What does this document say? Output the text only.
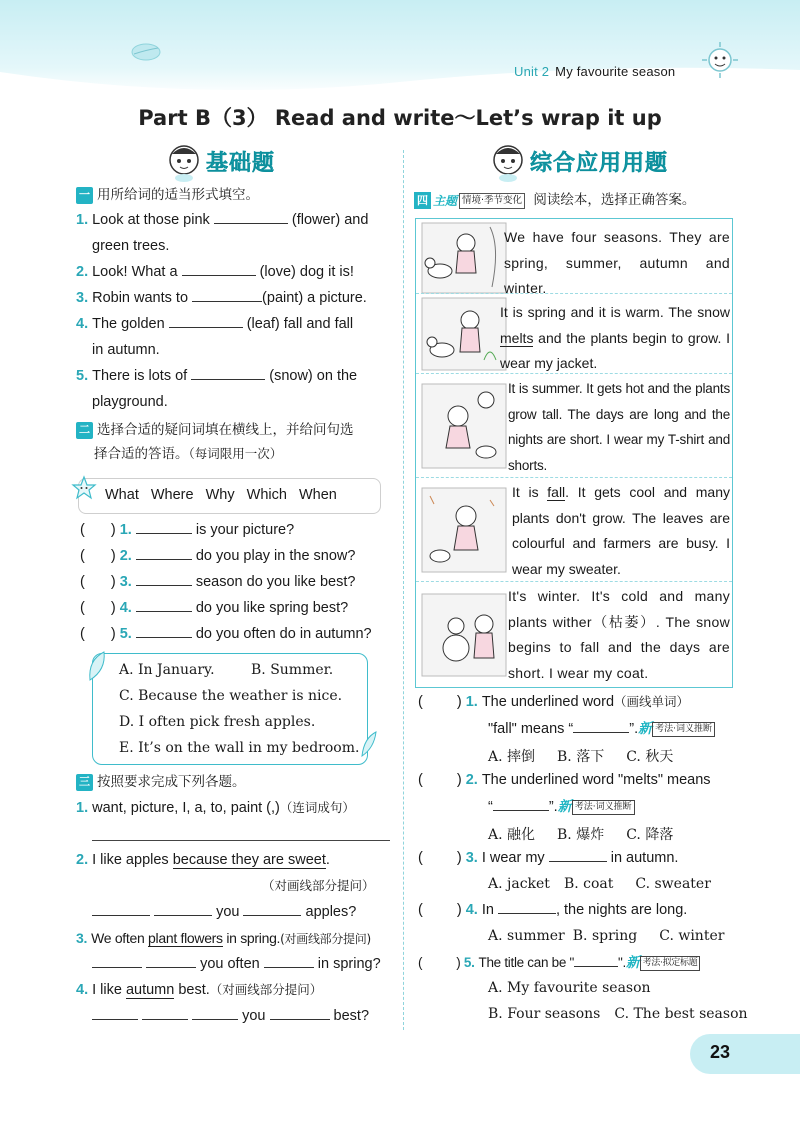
Unit 2 My favourite season
Part B（3） Read and write～Let’s wrap it up
基础题
一 用所给词的适当形式填空。
1. Look at those pink	(flower) and
green trees.
2. Look! What a	(love) dog it is!
3. Robin wants to	(paint) a picture.
4. The golden	(leaf) fall and fall
in autumn.
5. There is lots of	(snow) on the
playground.
二 选择合适的疑问词填在横线上，并给问句选
择合适的答语。（每词限用一次）
What Where Why Which When
( ) 1.	is your picture?
( ) 2.	do you play in the snow?
( ) 3.	season do you like best?
( ) 4.	do you like spring best?
( ) 5.	do you often do in autumn?
A. In January.	B. Summer.
C. Because the weather is nice.
D. I often pick fresh apples.
E. It’s on the wall in my bedroom.
三 按照要求完成下列各题。
1. want, picture, I, a, to, paint (,)（连词成句）
2. I like apples because they are sweet.
（对画线部分提问）
you	apples?
3. We often plant flowers in spring.(对画线部分提问)
you often	in spring?
4. I like autumn best.（对画线部分提问）
you	best?
综合应用用题
四 主题 情境·季节变化 阅读绘本，选择正确答案。
We have four seasons. They are spring, summer, autumn and winter.
It is spring and it is warm. The snow melts and the plants begin to grow. I wear my jacket.
It is summer. It gets hot and the plants grow tall. The days are long and the nights are short. I wear my T-shirt and shorts.
It is fall. It gets cool and many plants don't grow. The leaves are colourful and farmers are busy. I wear my sweater.
It's winter. It's cold and many plants wither（枯萎）. The snow begins to fall and the days are short. I wear my coat.
( ) 1. The underlined word（画线单词）
"fall" means “	”.新 考法·词义推断
A. 摔倒 B. 落下 C. 秋天
( ) 2. The underlined word "melts" means
“	”.新 考法·词义推断
A. 融化 B. 爆炸 C. 降落
( ) 3. I wear my	in autumn.
A. jacket B. coat C. sweater
( ) 4. In	, the nights are long.
A. summer B. spring C. winter
(	) 5. The title can be "	".新 考法·拟定标题
A. My favourite season
B. Four seasons C. The best season
23
